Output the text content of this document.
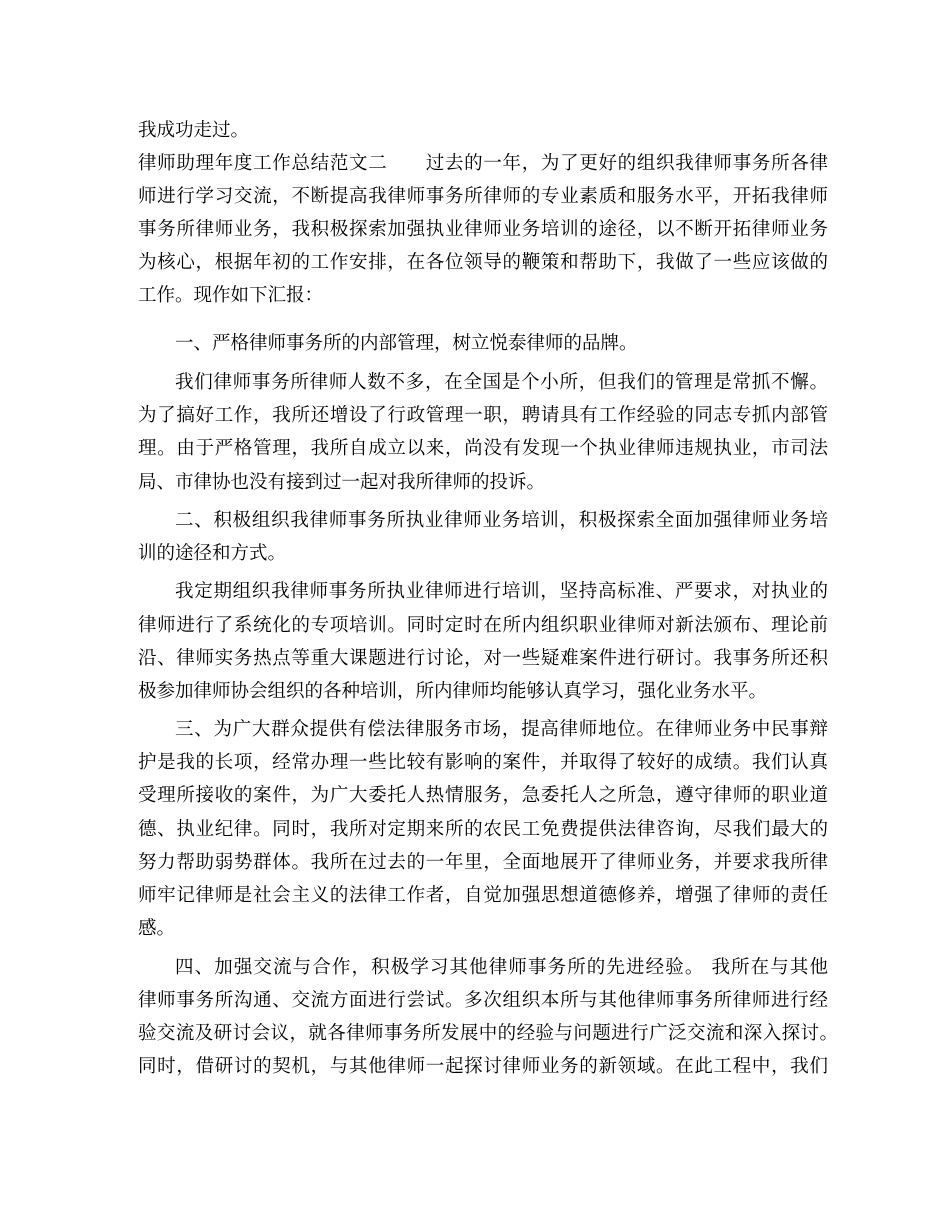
我成功走过。
律师助理年度工作总结范文二　　过去的一年，为了更好的组织我律师事务所各律
师进行学习交流，不断提高我律师事务所律师的专业素质和服务水平，开拓我律师
事务所律师业务，我积极探索加强执业律师业务培训的途径，以不断开拓律师业务
为核心，根据年初的工作安排，在各位领导的鞭策和帮助下，我做了一些应该做的
工作。现作如下汇报：
一、严格律师事务所的内部管理，树立悦泰律师的品牌。
我们律师事务所律师人数不多，在全国是个小所，但我们的管理是常抓不懈。
为了搞好工作，我所还增设了行政管理一职，聘请具有工作经验的同志专抓内部管
理。由于严格管理，我所自成立以来，尚没有发现一个执业律师违规执业，市司法
局、市律协也没有接到过一起对我所律师的投诉。
二、积极组织我律师事务所执业律师业务培训，积极探索全面加强律师业务培
训的途径和方式。
我定期组织我律师事务所执业律师进行培训，坚持高标准、严要求，对执业的
律师进行了系统化的专项培训。同时定时在所内组织职业律师对新法颁布、理论前
沿、律师实务热点等重大课题进行讨论，对一些疑难案件进行研讨。我事务所还积
极参加律师协会组织的各种培训，所内律师均能够认真学习，强化业务水平。
三、为广大群众提供有偿法律服务市场，提高律师地位。在律师业务中民事辩
护是我的长项，经常办理一些比较有影响的案件，并取得了较好的成绩。我们认真
受理所接收的案件，为广大委托人热情服务，急委托人之所急，遵守律师的职业道
德、执业纪律。同时，我所对定期来所的农民工免费提供法律咨询，尽我们最大的
努力帮助弱势群体。我所在过去的一年里，全面地展开了律师业务，并要求我所律
师牢记律师是社会主义的法律工作者，自觉加强思想道德修养，增强了律师的责任
感。
四、加强交流与合作，积极学习其他律师事务所的先进经验。 我所在与其他
律师事务所沟通、交流方面进行尝试。多次组织本所与其他律师事务所律师进行经
验交流及研讨会议，就各律师事务所发展中的经验与问题进行广泛交流和深入探讨。
同时，借研讨的契机，与其他律师一起探讨律师业务的新领域。在此工程中，我们
